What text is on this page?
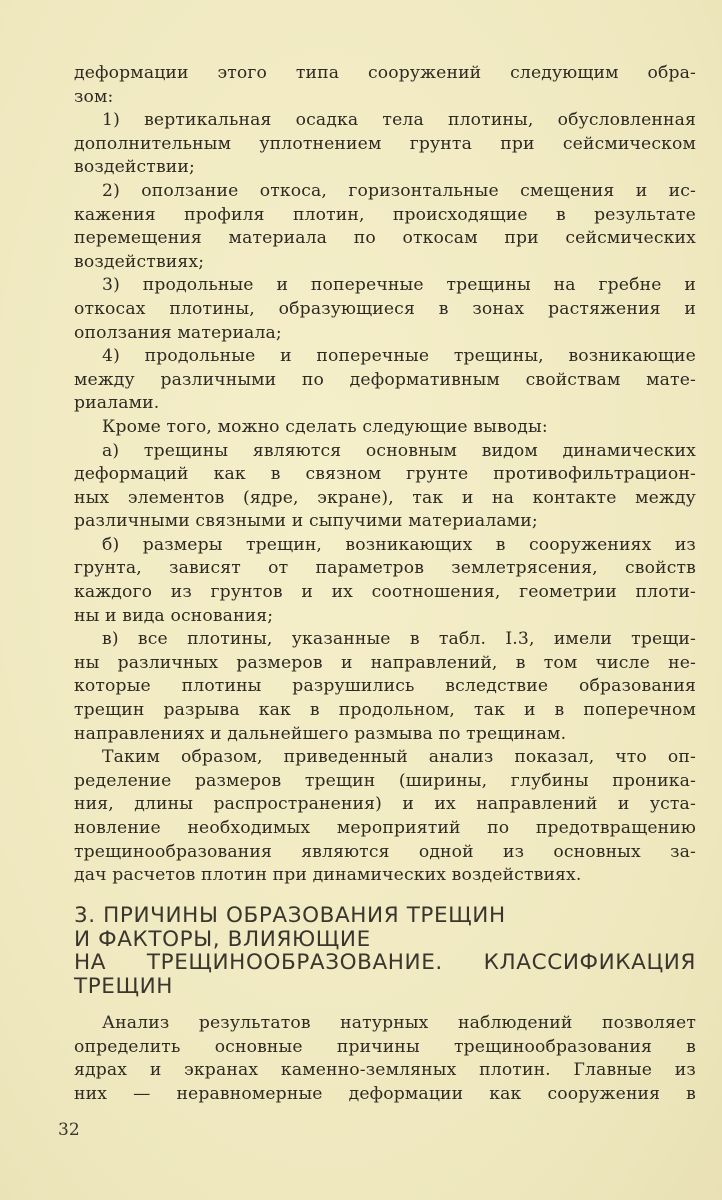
деформации этого типа сооружений следующим обра-
зом:
1) вертикальная осадка тела плотины, обусловленная
дополнительным уплотнением грунта при сейсмическом
воздействии;
2) оползание откоса, горизонтальные смещения и ис-
кажения профиля плотин, происходящие в результате
перемещения материала по откосам при сейсмических
воздействиях;
3) продольные и поперечные трещины на гребне и
откосах плотины, образующиеся в зонах растяжения и
оползания материала;
4) продольные и поперечные трещины, возникающие
между различными по деформативным свойствам мате-
риалами.
Кроме того, можно сделать следующие выводы:
а) трещины являются основным видом динамических
деформаций как в связном грунте противофильтрацион-
ных элементов (ядре, экране), так и на контакте между
различными связными и сыпучими материалами;
б) размеры трещин, возникающих в сооружениях из
грунта, зависят от параметров землетрясения, свойств
каждого из грунтов и их соотношения, геометрии плоти-
ны и вида основания;
в) все плотины, указанные в табл. I.3, имели трещи-
ны различных размеров и направлений, в том числе не-
которые плотины разрушились вследствие образования
трещин разрыва как в продольном, так и в поперечном
направлениях и дальнейшего размыва по трещинам.
Таким образом, приведенный анализ показал, что оп-
ределение размеров трещин (ширины, глубины проника-
ния, длины распространения) и их направлений и уста-
новление необходимых мероприятий по предотвращению
трещинообразования являются одной из основных за-
дач расчетов плотин при динамических воздействиях.
3. ПРИЧИНЫ ОБРАЗОВАНИЯ ТРЕЩИН
И ФАКТОРЫ, ВЛИЯЮЩИЕ
НА ТРЕЩИНООБРАЗОВАНИЕ. КЛАССИФИКАЦИЯ
ТРЕЩИН
Анализ результатов натурных наблюдений позволяет
определить основные причины трещинообразования в
ядрах и экранах каменно-земляных плотин. Главные из
них — неравномерные деформации как сооружения в
32
